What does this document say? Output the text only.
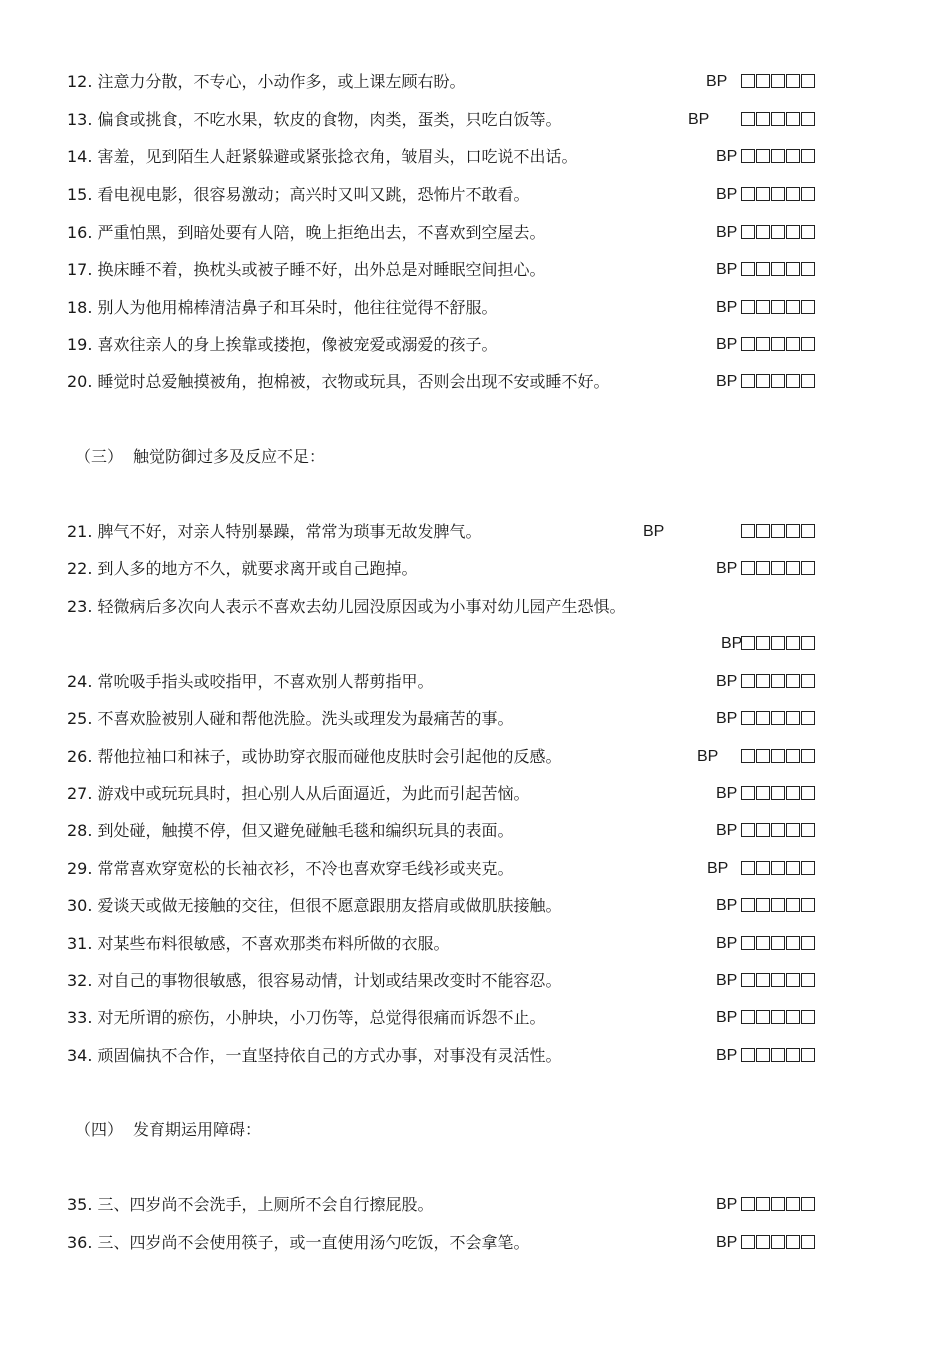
12. 注意力分散，不专心，小动作多，或上课左顾右盼。	BP
13. 偏食或挑食，不吃水果，软皮的食物，肉类，蛋类，只吃白饭等。	BP
14. 害羞，见到陌生人赶紧躲避或紧张捻衣角，皱眉头，口吃说不出话。	BP
15. 看电视电影，很容易激动；高兴时又叫又跳，恐怖片不敢看。	BP
16. 严重怕黑，到暗处要有人陪，晚上拒绝出去，不喜欢到空屋去。	BP
17. 换床睡不着，换枕头或被子睡不好，出外总是对睡眠空间担心。	BP
18. 别人为他用棉棒清洁鼻子和耳朵时，他往往觉得不舒服。	BP
19. 喜欢往亲人的身上挨靠或搂抱，像被宠爱或溺爱的孩子。	BP
20. 睡觉时总爱触摸被角，抱棉被，衣物或玩具，否则会出现不安或睡不好。	BP
21. 脾气不好，对亲人特别暴躁，常常为琐事无故发脾气。	BP
22. 到人多的地方不久，就要求离开或自己跑掉。	BP
23. 轻微病后多次向人表示不喜欢去幼儿园没原因或为小事对幼儿园产生恐惧。
BP
24. 常吮吸手指头或咬指甲，不喜欢别人帮剪指甲。	BP
25. 不喜欢脸被别人碰和帮他洗脸。洗头或理发为最痛苦的事。	BP
26. 帮他拉袖口和袜子，或协助穿衣服而碰他皮肤时会引起他的反感。	BP
27. 游戏中或玩玩具时，担心别人从后面逼近，为此而引起苦恼。	BP
28. 到处碰，触摸不停，但又避免碰触毛毯和编织玩具的表面。	BP
29. 常常喜欢穿宽松的长袖衣衫，不冷也喜欢穿毛线衫或夹克。	BP
30. 爱谈天或做无接触的交往，但很不愿意跟朋友搭肩或做肌肤接触。	BP
31. 对某些布料很敏感，不喜欢那类布料所做的衣服。	BP
32. 对自己的事物很敏感，很容易动情，计划或结果改变时不能容忍。	BP
33. 对无所谓的瘀伤，小肿块，小刀伤等，总觉得很痛而诉怨不止。	BP
34. 顽固偏执不合作，一直坚持依自己的方式办事，对事没有灵活性。	BP
35. 三、四岁尚不会洗手，上厕所不会自行擦屁股。	BP
36. 三、四岁尚不会使用筷子，或一直使用汤勺吃饭，不会拿笔。	BP
（三） 触觉防御过多及反应不足：
（四） 发育期运用障碍：
